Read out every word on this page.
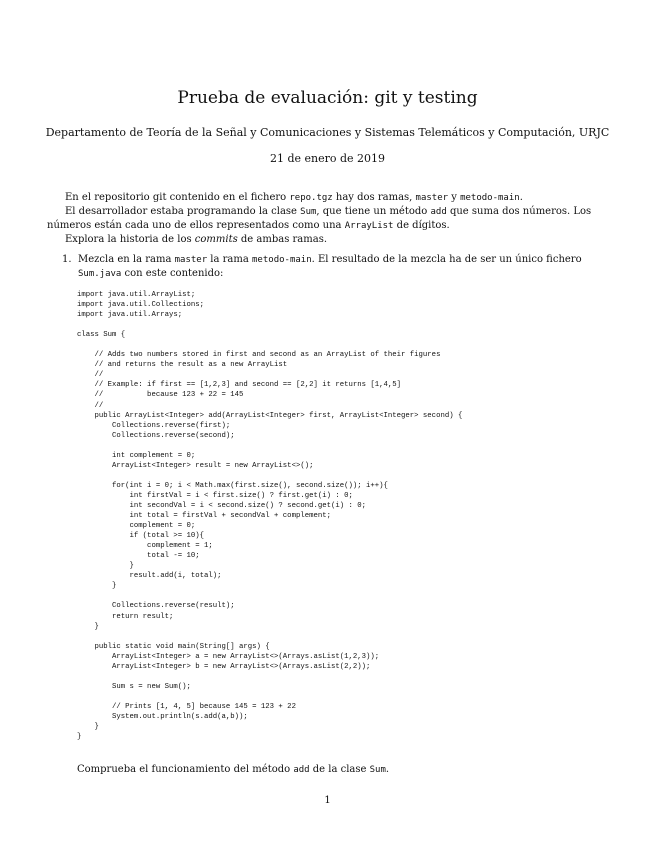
Prueba de evaluación: git y testing
Departamento de Teoría de la Señal y Comunicaciones y Sistemas Telemáticos y Computación, URJC
21 de enero de 2019

En el repositorio git contenido en el fichero repo.tgz hay dos ramas, master y metodo-main.

El desarrollador estaba programando la clase Sum, que tiene un método add que suma dos números. Los números están cada uno de ellos representados como una ArrayList de dígitos.

Explora la historia de los commits de ambas ramas.

1. Mezcla en la rama master la rama metodo-main. El resultado de la mezcla ha de ser un único fichero Sum.java con este contenido:
import java.util.ArrayList;
import java.util.Collections;
import java.util.Arrays;

class Sum {

// Adds two numbers stored in first and second as an ArrayList of their figures
// and returns the result as a new ArrayList
//
// Example: if first == [1,2,3] and second == [2,2] it returns [1,4,5]
//          because 123 + 22 = 145
//
public ArrayList<Integer> add(ArrayList<Integer> first, ArrayList<Integer> second) {
Collections.reverse(first);
Collections.reverse(second);

int complement = 0;
ArrayList<Integer> result = new ArrayList<>();

for(int i = 0; i < Math.max(first.size(), second.size()); i++){
int firstVal = i < first.size() ? first.get(i) : 0;
int secondVal = i < second.size() ? second.get(i) : 0;
int total = firstVal + secondVal + complement;
complement = 0;
if (total >= 10){
complement = 1;
total -= 10;
}
result.add(i, total);
}

Collections.reverse(result);
return result;
}

public static void main(String[] args) {
ArrayList<Integer> a = new ArrayList<>(Arrays.asList(1,2,3));
ArrayList<Integer> b = new ArrayList<>(Arrays.asList(2,2));

Sum s = new Sum();

// Prints [1, 4, 5] because 145 = 123 + 22
System.out.println(s.add(a,b));
}
}
Comprueba el funcionamiento del método add de la clase Sum.
1
